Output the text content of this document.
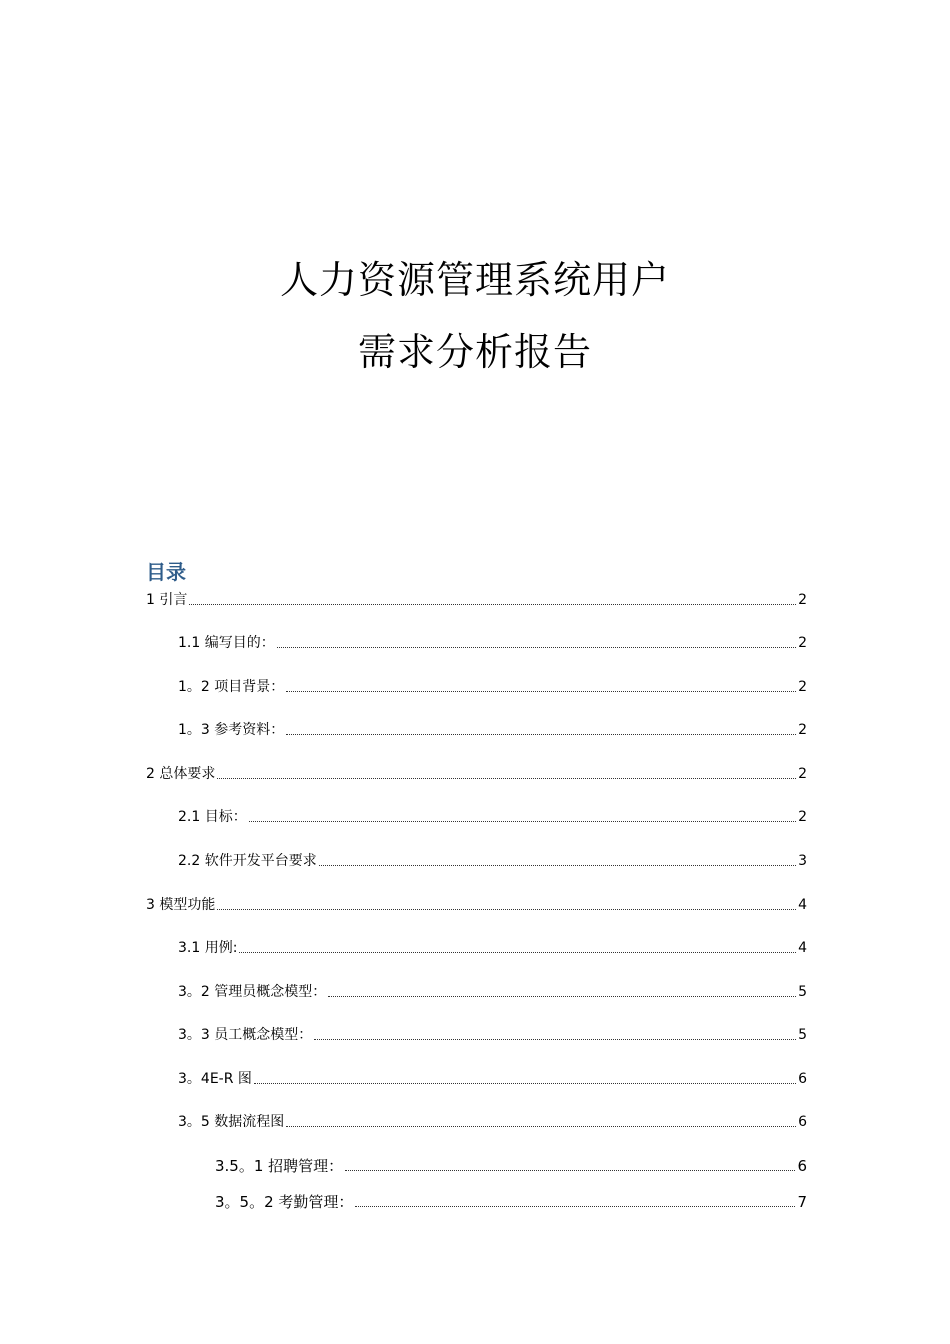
人力资源管理系统用户
需求分析报告
目录
1 引言	2
1.1 编写目的：	2
1。2 项目背景：	2
1。3 参考资料：	2
2 总体要求	2
2.1 目标：	2
2.2 软件开发平台要求	3
3 模型功能	4
3.1 用例:	4
3。2 管理员概念模型：	5
3。3 员工概念模型：	5
3。4E-R 图	6
3。5 数据流程图	6
3.5。1 招聘管理：	6
3。5。2 考勤管理：	7
